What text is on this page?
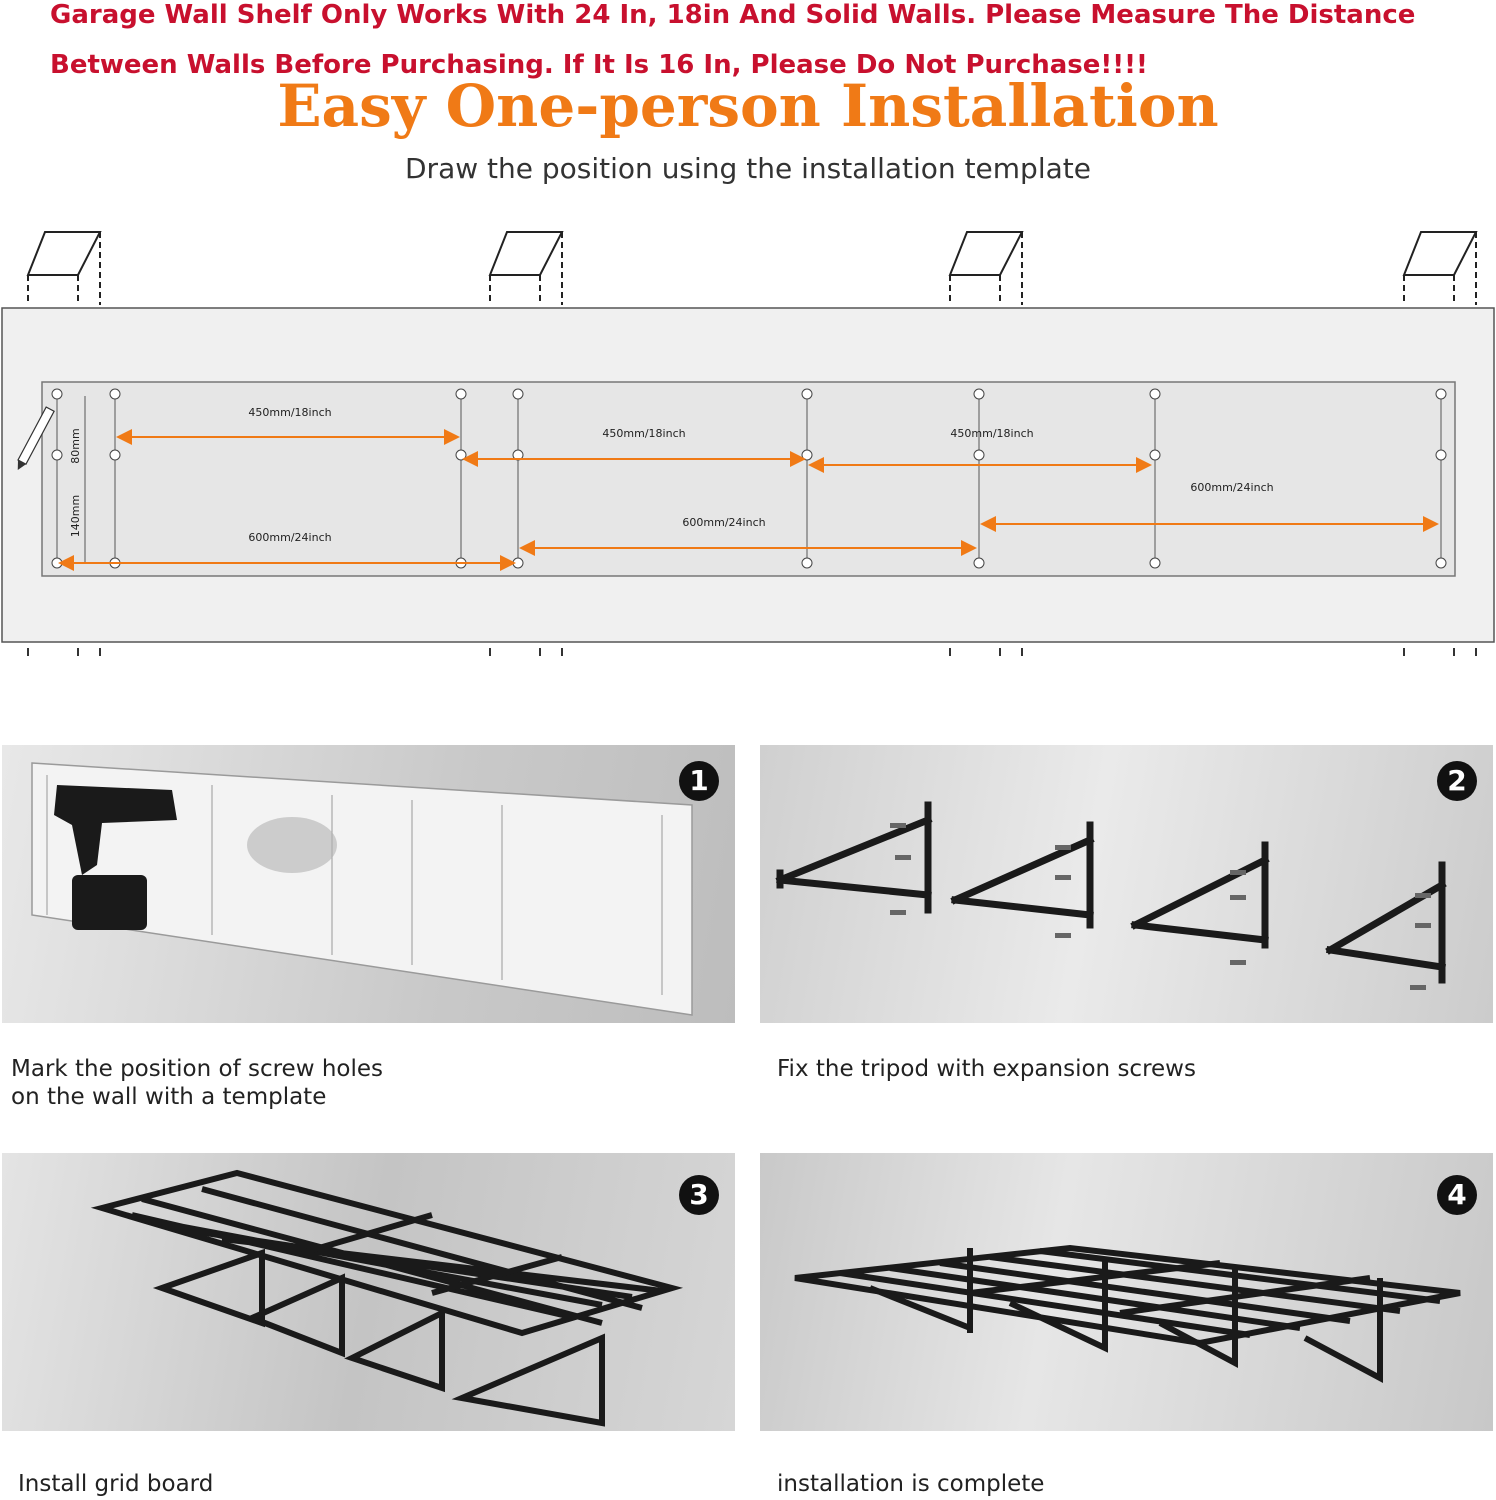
Garage Wall Shelf Only Works With 24 In, 18in And Solid Walls. Please Measure The Distance
Between Walls Before Purchasing. If It Is 16 In, Please Do Not Purchase!!!!
Easy One-person Installation
Draw the position using the installation template
450mm/18inch
450mm/18inch	450mm/18inch
600mm/24inch
600mm/24inch
600mm/24inch
80mm
140mm
1
Mark the position of screw holes
on the wall with a template
2
Fix the tripod with expansion screws
3
Install grid board
4
installation is complete
